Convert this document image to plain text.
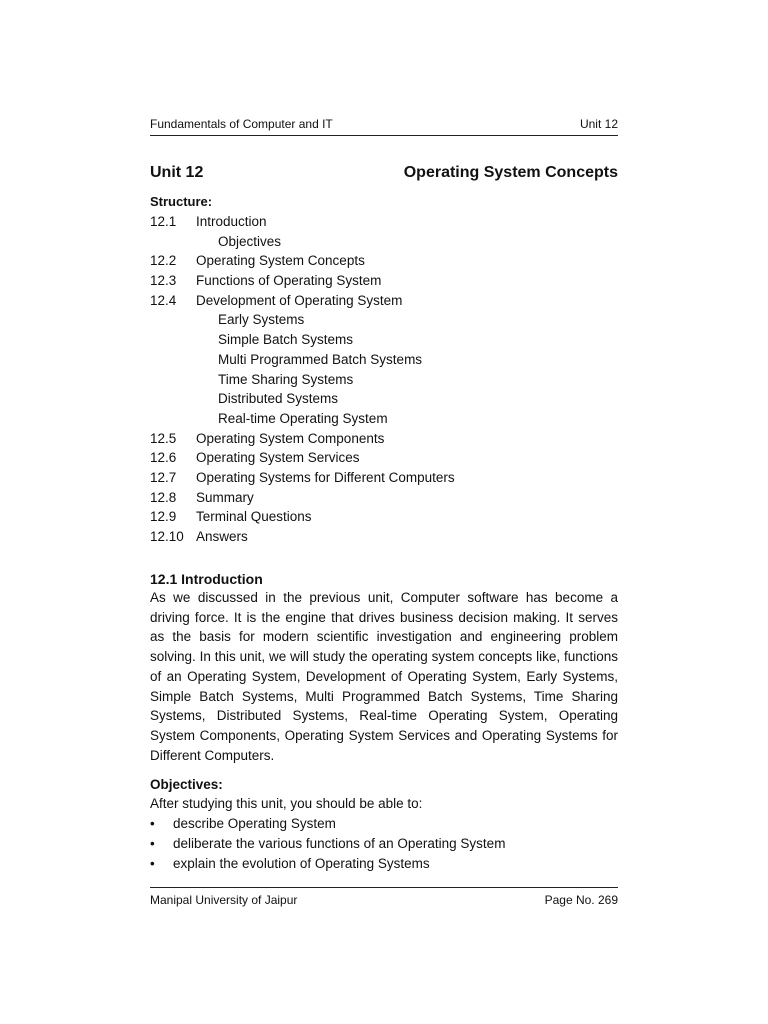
Fundamentals of Computer and IT	Unit 12
Unit 12	Operating System Concepts
Structure:
12.1 Introduction
Objectives
12.2 Operating System Concepts
12.3 Functions of Operating System
12.4 Development of Operating System
Early Systems
Simple Batch Systems
Multi Programmed Batch Systems
Time Sharing Systems
Distributed Systems
Real-time Operating System
12.5 Operating System Components
12.6 Operating System Services
12.7 Operating Systems for Different Computers
12.8 Summary
12.9 Terminal Questions
12.10 Answers
12.1 Introduction

As we discussed in the previous unit, Computer software has become a driving force. It is the engine that drives business decision making. It serves as the basis for modern scientific investigation and engineering problem solving. In this unit, we will study the operating system concepts like, functions of an Operating System, Development of Operating System, Early Systems, Simple Batch Systems, Multi Programmed Batch Systems, Time Sharing Systems, Distributed Systems, Real-time Operating System, Operating System Components, Operating System Services and Operating Systems for Different Computers.

Objectives:
After studying this unit, you should be able to:
• describe Operating System
• deliberate the various functions of an Operating System
• explain the evolution of Operating Systems
Manipal University of Jaipur	Page No. 269
